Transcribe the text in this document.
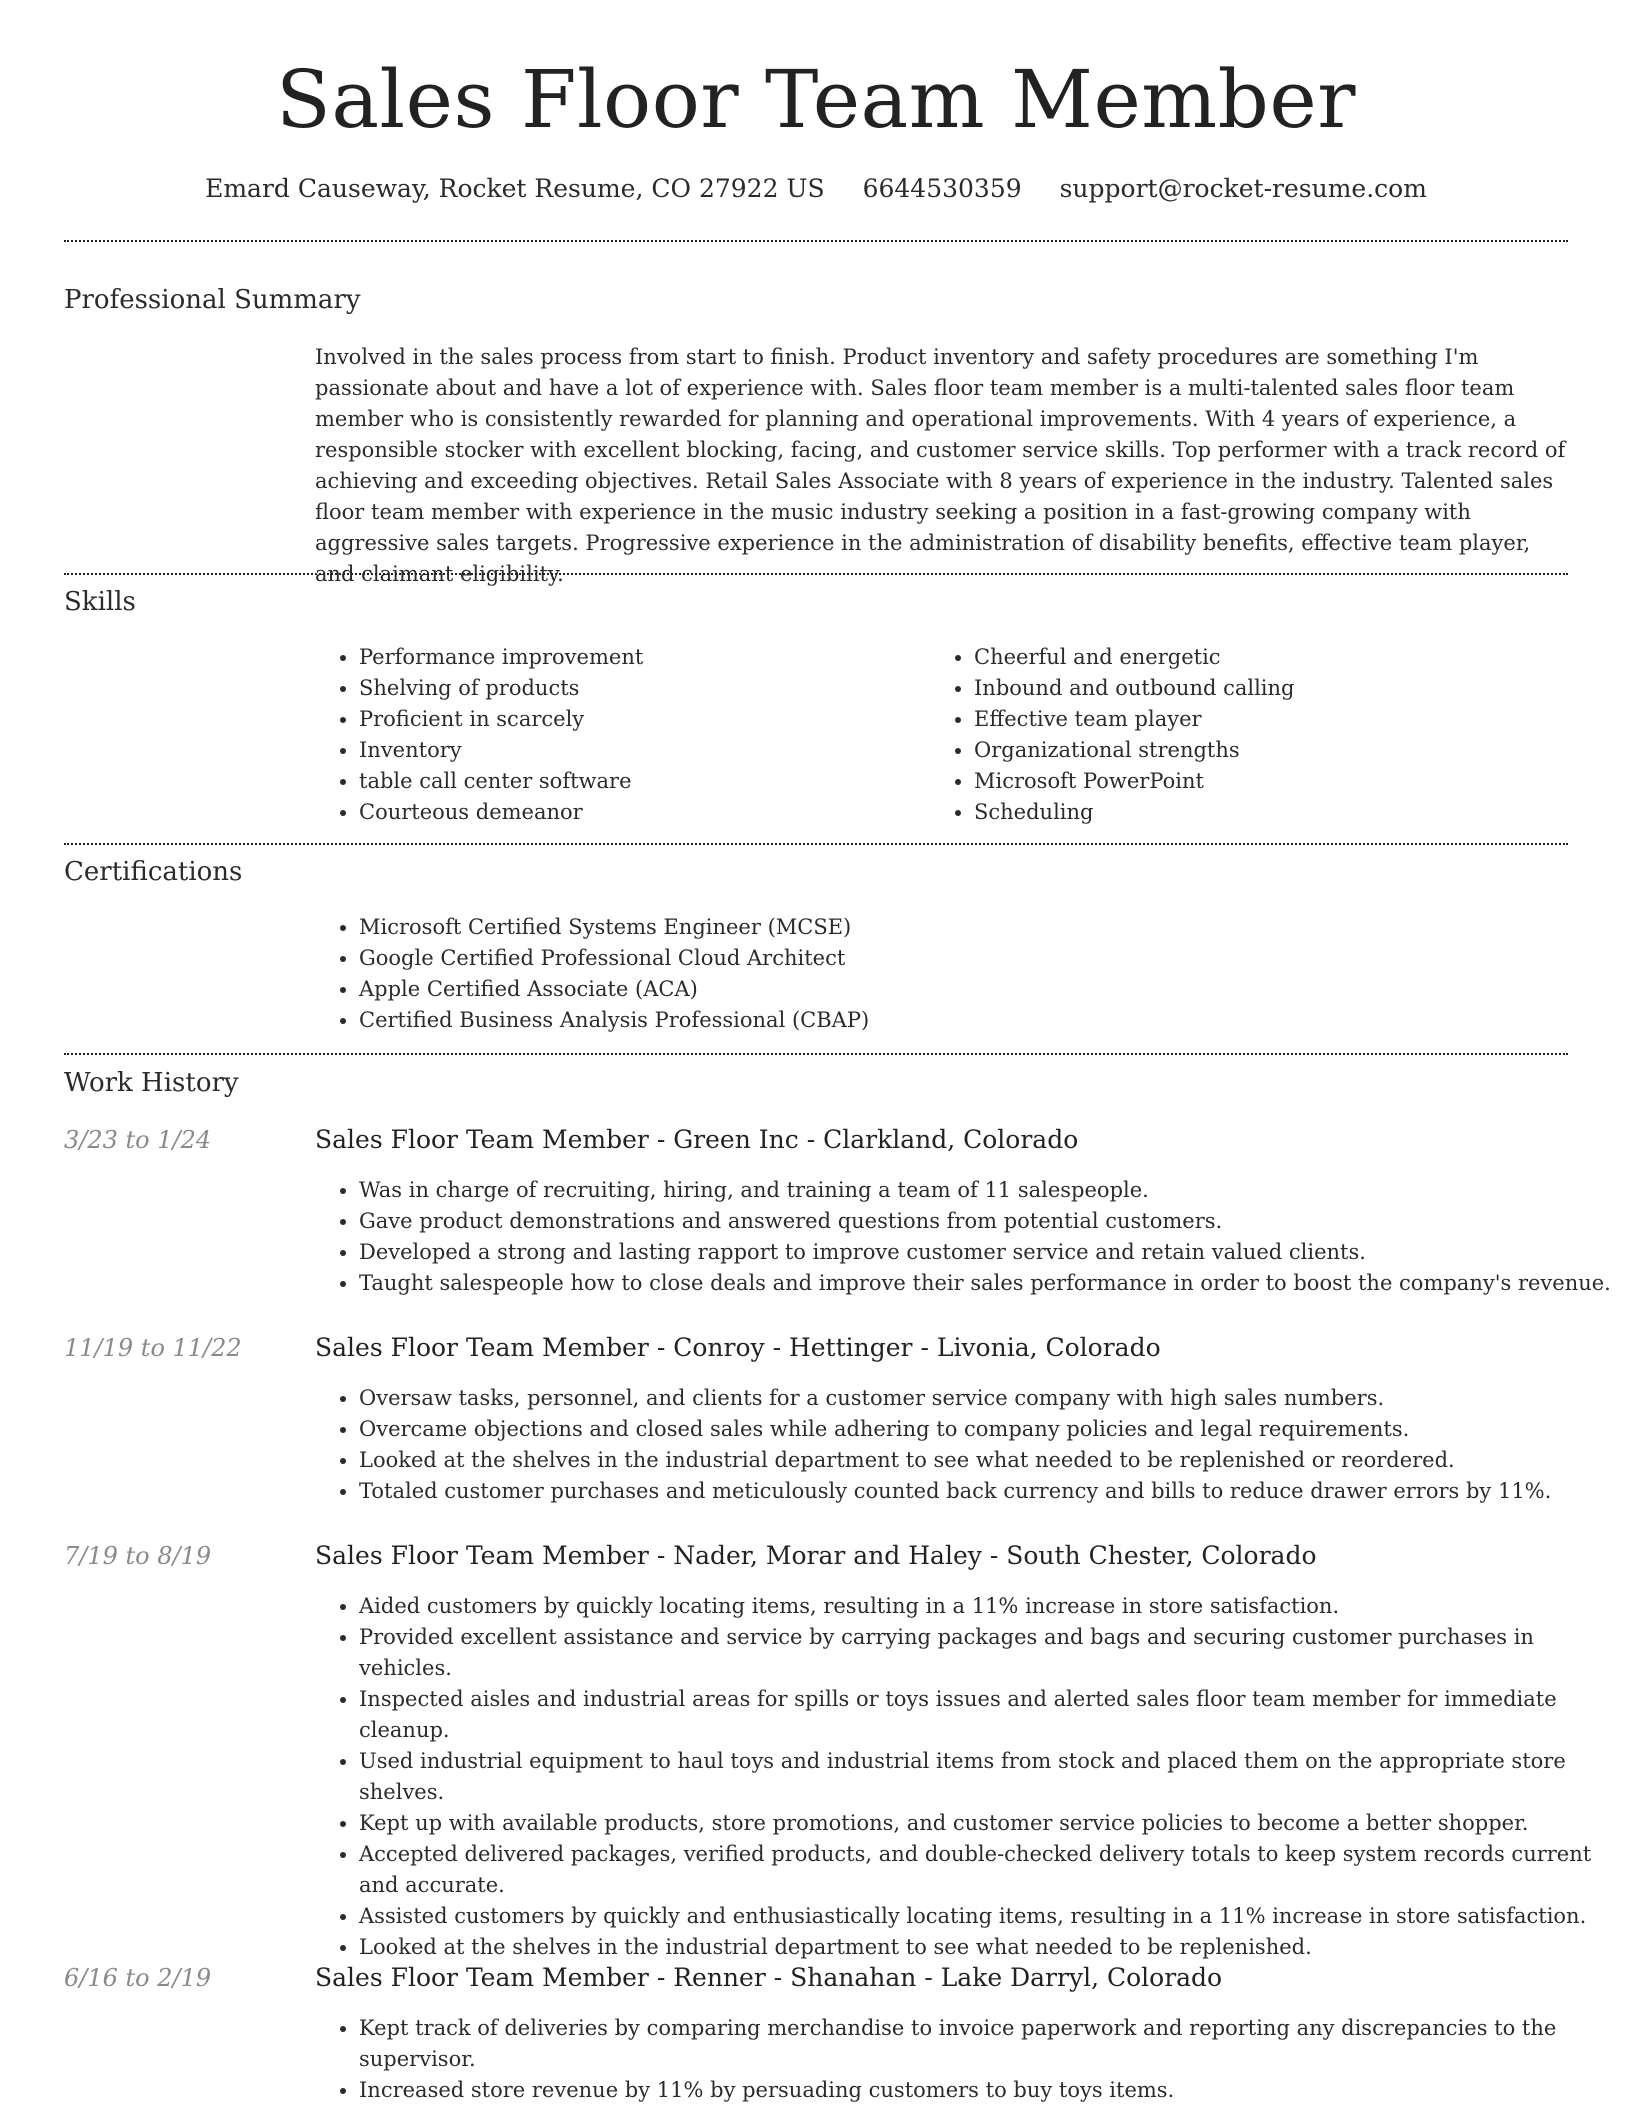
Sales Floor Team Member
Emard Causeway, Rocket Resume, CO 27922 US 6644530359 support@rocket-resume.com
Professional Summary

Involved in the sales process from start to finish. Product inventory and safety procedures are something I'm passionate about and have a lot of experience with. Sales floor team member is a multi-talented sales floor team member who is consistently rewarded for planning and operational improvements. With 4 years of experience, a responsible stocker with excellent blocking, facing, and customer service skills. Top performer with a track record of achieving and exceeding objectives. Retail Sales Associate with 8 years of experience in the industry. Talented sales floor team member with experience in the music industry seeking a position in a fast-growing company with aggressive sales targets. Progressive experience in the administration of disability benefits, effective team player, and claimant eligibility.

Skills
• Performance improvement
• Shelving of products
• Proficient in scarcely
• Inventory
• table call center software
• Courteous demeanor
• Cheerful and energetic
• Inbound and outbound calling
• Effective team player
• Organizational strengths
• Microsoft PowerPoint
• Scheduling
Certifications
• Microsoft Certified Systems Engineer (MCSE)
• Google Certified Professional Cloud Architect
• Apple Certified Associate (ACA)
• Certified Business Analysis Professional (CBAP)
Work History
3/23 to 1/24	Sales Floor Team Member - Green Inc - Clarkland, Colorado
• Was in charge of recruiting, hiring, and training a team of 11 salespeople.
• Gave product demonstrations and answered questions from potential customers.
• Developed a strong and lasting rapport to improve customer service and retain valued clients.
• Taught salespeople how to close deals and improve their sales performance in order to boost the company's revenue.
11/19 to 11/22	Sales Floor Team Member - Conroy - Hettinger - Livonia, Colorado
• Oversaw tasks, personnel, and clients for a customer service company with high sales numbers.
• Overcame objections and closed sales while adhering to company policies and legal requirements.
• Looked at the shelves in the industrial department to see what needed to be replenished or reordered.
• Totaled customer purchases and meticulously counted back currency and bills to reduce drawer errors by 11%.
7/19 to 8/19	Sales Floor Team Member - Nader, Morar and Haley - South Chester, Colorado
• Aided customers by quickly locating items, resulting in a 11% increase in store satisfaction.
• Provided excellent assistance and service by carrying packages and bags and securing customer purchases in vehicles.
• Inspected aisles and industrial areas for spills or toys issues and alerted sales floor team member for immediate cleanup.
• Used industrial equipment to haul toys and industrial items from stock and placed them on the appropriate store shelves.
• Kept up with available products, store promotions, and customer service policies to become a better shopper.
• Accepted delivered packages, verified products, and double-checked delivery totals to keep system records current and accurate.
• Assisted customers by quickly and enthusiastically locating items, resulting in a 11% increase in store satisfaction.
• Looked at the shelves in the industrial department to see what needed to be replenished.
6/16 to 2/19	Sales Floor Team Member - Renner - Shanahan - Lake Darryl, Colorado
• Kept track of deliveries by comparing merchandise to invoice paperwork and reporting any discrepancies to the supervisor.
• Increased store revenue by 11% by persuading customers to buy toys items.
